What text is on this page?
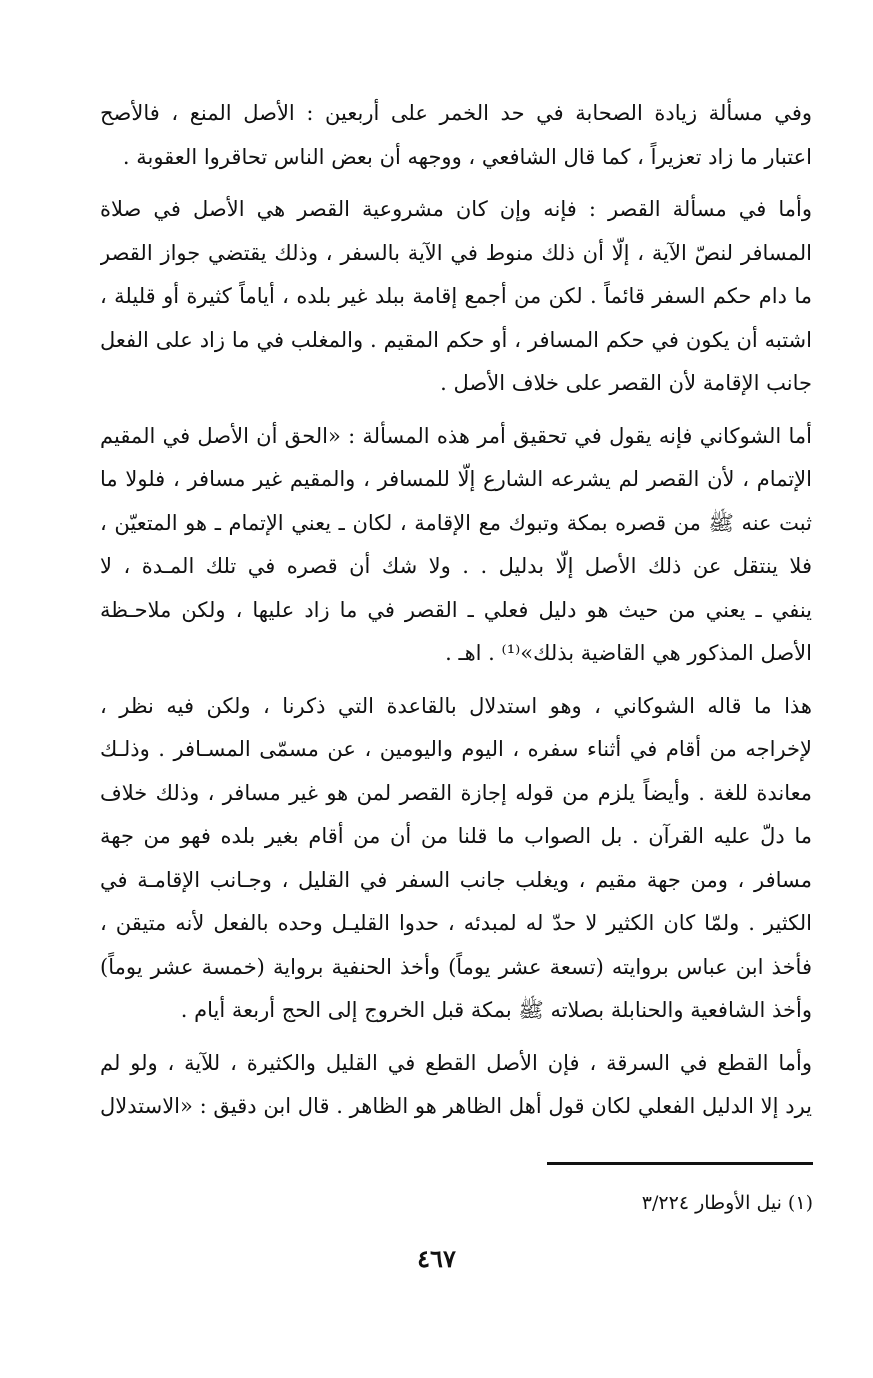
وفي مسألة زيادة الصحابة في حد الخمر على أربعين : الأصل المنع ، فالأصح
اعتبار ما زاد تعزيراً ، كما قال الشافعي ، ووجهه أن بعض الناس تحاقروا العقوبة .
وأما في مسألة القصر : فإنه وإن كان مشروعية القصر هي الأصل في صلاة
المسافر لنصّ الآية ، إلّا أن ذلك منوط في الآية بالسفر ، وذلك يقتضي جواز القصر
ما دام حكم السفر قائماً . لكن من أجمع إقامة ببلد غير بلده ، أياماً كثيرة أو قليلة ،
اشتبه أن يكون في حكم المسافر ، أو حكم المقيم . والمغلب في ما زاد على الفعل
جانب الإقامة لأن القصر على خلاف الأصل .
أما الشوكاني فإنه يقول في تحقيق أمر هذه المسألة : «الحق أن الأصل في المقيم
الإتمام ، لأن القصر لم يشرعه الشارع إلّا للمسافر ، والمقيم غير مسافر ، فلولا ما
ثبت عنه ﷺ من قصره بمكة وتبوك مع الإقامة ، لكان ـ يعني الإتمام ـ هو المتعيّن ،
فلا ينتقل عن ذلك الأصل إلّا بدليل . . ولا شك أن قصره في تلك المـدة ، لا
ينفي ـ يعني من حيث هو دليل فعلي ـ القصر في ما زاد عليها ، ولكن ملاحـظة
الأصل المذكور هي القاضية بذلك»⁽¹⁾ . اهـ .
هذا ما قاله الشوكاني ، وهو استدلال بالقاعدة التي ذكرنا ، ولكن فيه نظر ،
لإخراجه من أقام في أثناء سفره ، اليوم واليومين ، عن مسمّى المسـافر . وذلـك
معاندة للغة . وأيضاً يلزم من قوله إجازة القصر لمن هو غير مسافر ، وذلك خلاف
ما دلّ عليه القرآن . بل الصواب ما قلنا من أن من أقام بغير بلده فهو من جهة
مسافر ، ومن جهة مقيم ، ويغلب جانب السفر في القليل ، وجـانب الإقامـة في
الكثير . ولمّا كان الكثير لا حدّ له لمبدئه ، حدوا القليـل وحده بالفعل لأنه متيقن ،
فأخذ ابن عباس بروايته (تسعة عشر يوماً) وأخذ الحنفية برواية (خمسة عشر يوماً)
وأخذ الشافعية والحنابلة بصلاته ﷺ بمكة قبل الخروج إلى الحج أربعة أيام .
وأما القطع في السرقة ، فإن الأصل القطع في القليل والكثيرة ، للآية ، ولو لم
يرد إلا الدليل الفعلي لكان قول أهل الظاهر هو الظاهر . قال ابن دقيق : «الاستدلال
(١) نيل الأوطار ٣/٢٢٤
٤٦٧
